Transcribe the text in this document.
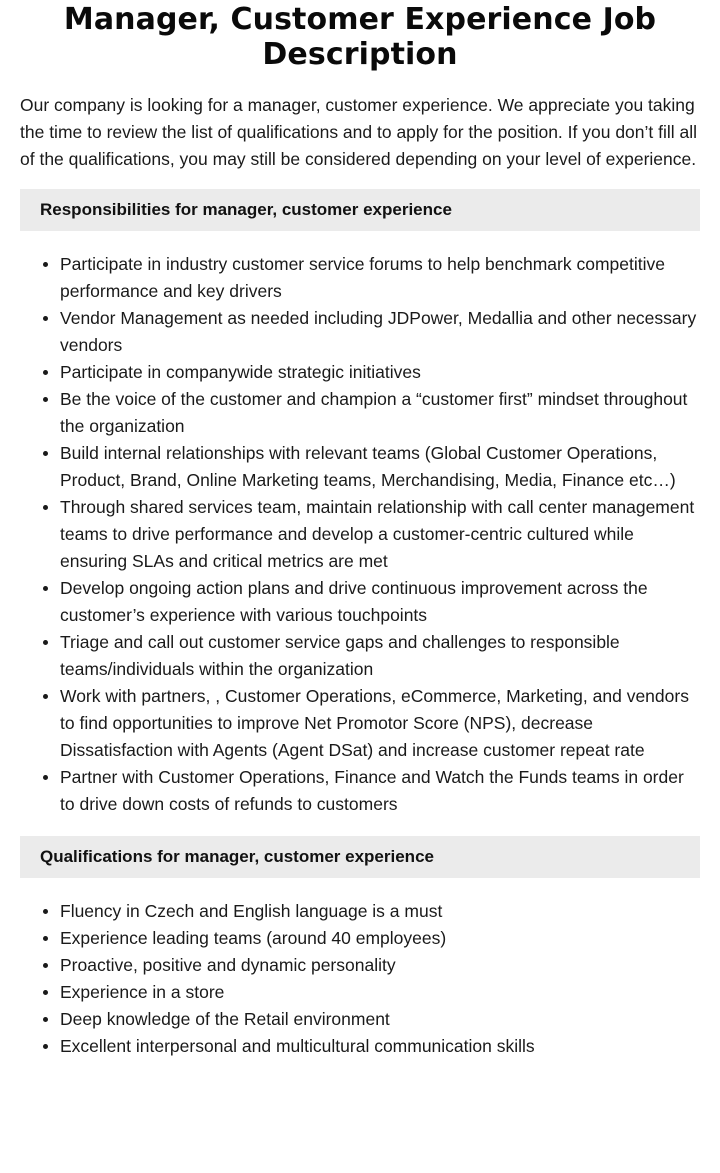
Manager, Customer Experience Job Description

Our company is looking for a manager, customer experience. We appreciate you taking the time to review the list of qualifications and to apply for the position. If you don’t fill all of the qualifications, you may still be considered depending on your level of experience.

Responsibilities for manager, customer experience
Participate in industry customer service forums to help benchmark competitive performance and key drivers
Vendor Management as needed including JDPower, Medallia and other necessary vendors
Participate in companywide strategic initiatives
Be the voice of the customer and champion a “customer first” mindset throughout the organization
Build internal relationships with relevant teams (Global Customer Operations, Product, Brand, Online Marketing teams, Merchandising, Media, Finance etc…)
Through shared services team, maintain relationship with call center management teams to drive performance and develop a customer-centric cultured while ensuring SLAs and critical metrics are met
Develop ongoing action plans and drive continuous improvement across the customer’s experience with various touchpoints
Triage and call out customer service gaps and challenges to responsible teams/individuals within the organization
Work with partners, , Customer Operations, eCommerce, Marketing, and vendors to find opportunities to improve Net Promotor Score (NPS), decrease Dissatisfaction with Agents (Agent DSat) and increase customer repeat rate
Partner with Customer Operations, Finance and Watch the Funds teams in order to drive down costs of refunds to customers
Qualifications for manager, customer experience
Fluency in Czech and English language is a must
Experience leading teams (around 40 employees)
Proactive, positive and dynamic personality
Experience in a store
Deep knowledge of the Retail environment
Excellent interpersonal and multicultural communication skills
